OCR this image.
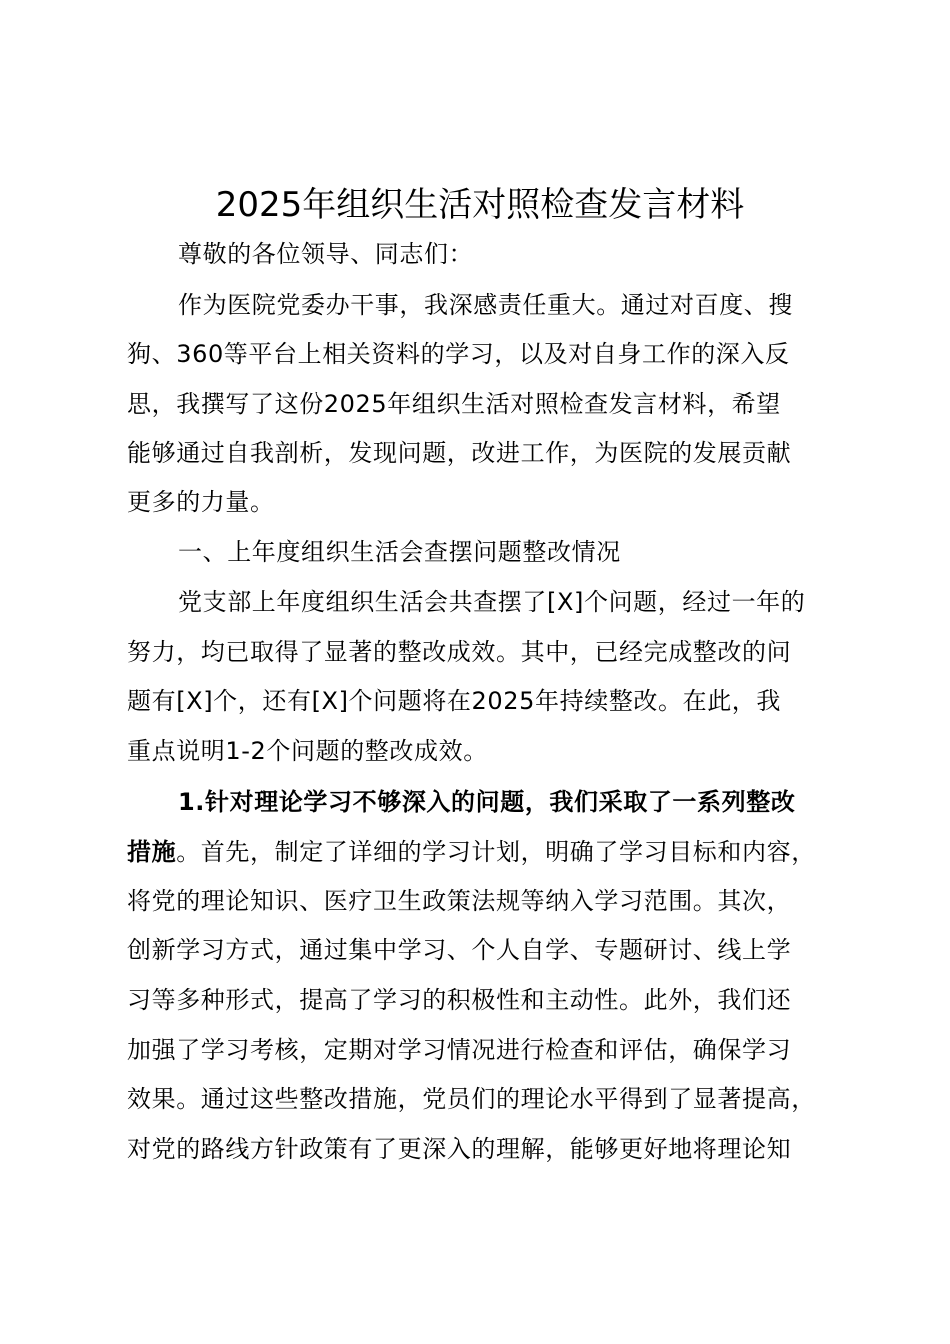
2025年组织生活对照检查发言材料
尊敬的各位领导、同志们：
作为医院党委办干事，我深感责任重大。通过对百度、搜
狗、360等平台上相关资料的学习，以及对自身工作的深入反
思，我撰写了这份2025年组织生活对照检查发言材料，希望
能够通过自我剖析，发现问题，改进工作，为医院的发展贡献
更多的力量。
一、上年度组织生活会查摆问题整改情况
党支部上年度组织生活会共查摆了[X]个问题，经过一年的
努力，均已取得了显著的整改成效。其中，已经完成整改的问
题有[X]个，还有[X]个问题将在2025年持续整改。在此，我
重点说明1-2个问题的整改成效。
1.针对理论学习不够深入的问题，我们采取了一系列整改
措施。首先，制定了详细的学习计划，明确了学习目标和内容，
将党的理论知识、医疗卫生政策法规等纳入学习范围。其次，
创新学习方式，通过集中学习、个人自学、专题研讨、线上学
习等多种形式，提高了学习的积极性和主动性。此外，我们还
加强了学习考核，定期对学习情况进行检查和评估，确保学习
效果。通过这些整改措施，党员们的理论水平得到了显著提高，
对党的路线方针政策有了更深入的理解，能够更好地将理论知
